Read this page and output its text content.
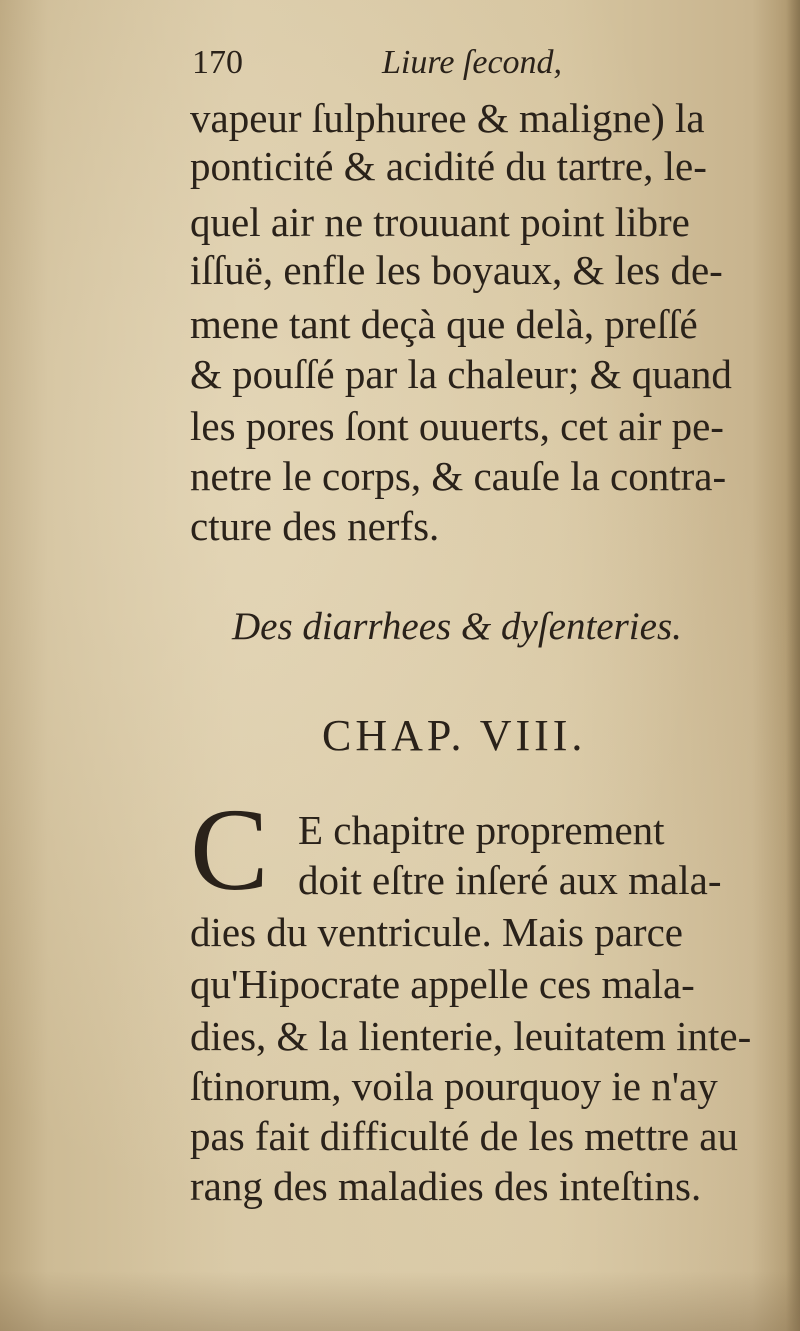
170	Liure ſecond,
vapeur ſulphuree & maligne) la
ponticité & acidité du tartre, le-
quel air ne trouuant point libre
iſſuë, enfle les boyaux, & les de-
mene tant deçà que delà, preſſé
& pouſſé par la chaleur; & quand
les pores ſont ouuerts, cet air pe-
netre le corps, & cauſe la contra-
cture des nerfs.
Des diarrhees & dyſenteries.
CHAP. VIII.
C E chapitre proprement
doit eſtre inſeré aux mala-
dies du ventricule. Mais parce
qu'Hipocrate appelle ces mala-
dies, & la lienterie, leuitatem inte-
ſtinorum, voila pourquoy ie n'ay
pas fait difficulté de les mettre au
rang des maladies des inteſtins.
